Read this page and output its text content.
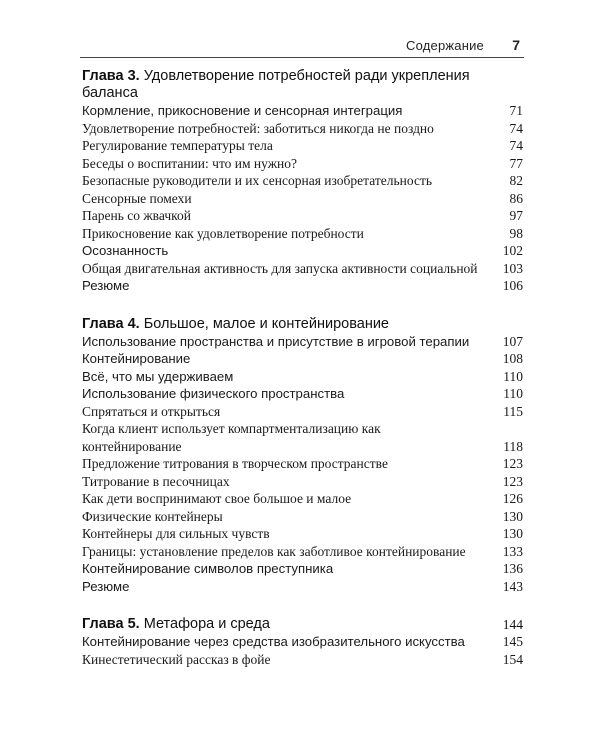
Содержание 7
Глава 3. Удовлетворение потребностей ради укрепления баланса
Кормление, прикосновение и сенсорная интеграция	71
Удовлетворение потребностей: заботиться никогда не поздно	74
Регулирование температуры тела	74
Беседы о воспитании: что им нужно?	77
Безопасные руководители и их сенсорная изобретательность	82
Сенсорные помехи	86
Парень со жвачкой	97
Прикосновение как удовлетворение потребности	98
Осознанность	102
Общая двигательная активность для запуска активности социальной 103
Резюме	106
Глава 4. Большое, малое и контейнирование
Использование пространства и присутствие в игровой терапии 107
Контейнирование	108
Всё, что мы удерживаем	110
Использование физического пространства	110
Спрятаться и открыться	115
Когда клиент использует компартментализацию как контейнирование	118
Предложение титрования в творческом пространстве	123
Титрование в песочницах	123
Как дети воспринимают свое большое и малое	126
Физические контейнеры	130
Контейнеры для сильных чувств	130
Границы: установление пределов как заботливое контейнирование	133
Контейнирование символов преступника	136
Резюме	143
Глава 5. Метафора и среда	144
Контейнирование через средства изобразительного искусства	145
Кинестетический рассказ в фойе	154
